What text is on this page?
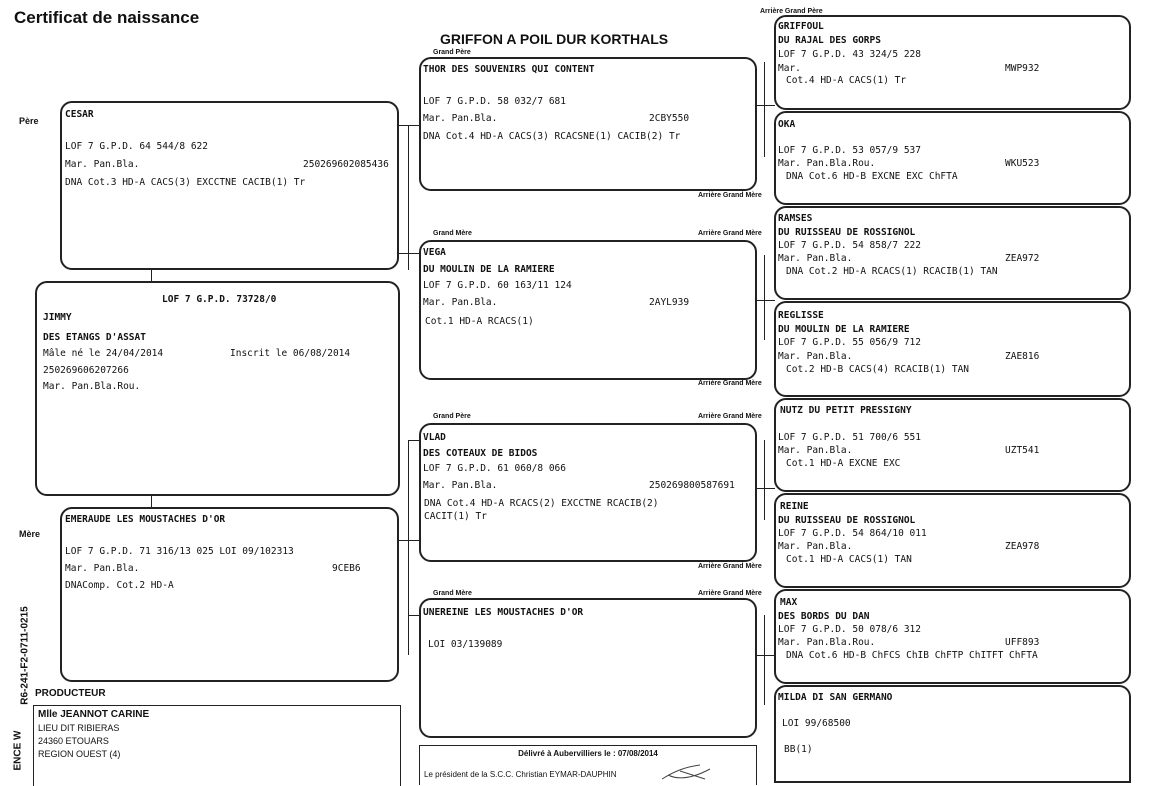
Certificat de naissance
GRIFFON A POIL DUR KORTHALS
Père
Mère
R6-241-F2-0711-0215
ENCE W
CESAR
LOF 7 G.P.D. 64 544/8 622
Mar. Pan.Bla.	250269602085436
DNA Cot.3 HD-A CACS(3) EXCCTNE CACIB(1) Tr
LOF 7 G.P.D. 73728/0
JIMMY
DES ETANGS D'ASSAT
Mâle né le 24/04/2014	Inscrit le 06/08/2014
250269606207266
Mar. Pan.Bla.Rou.
EMERAUDE LES MOUSTACHES D'OR
LOF 7 G.P.D. 71 316/13 025 LOI 09/102313
Mar. Pan.Bla.	9CEB6
DNAComp. Cot.2 HD-A
PRODUCTEUR
Mlle JEANNOT CARINE
LIEU DIT RIBIERAS
24360 ETOUARS
REGION OUEST (4)
Grand Père
Arrière Grand Mère
Grand Mère	Arrière Grand Mère
Arrière Grand Mère
Grand Père	Arrière Grand Mère
Arrière Grand Mère
Grand Mère	Arrière Grand Mère
Arrière Grand Père
THOR DES SOUVENIRS QUI CONTENT
LOF 7 G.P.D. 58 032/7 681
Mar. Pan.Bla.	2CBY550
DNA Cot.4 HD-A CACS(3) RCACSNE(1) CACIB(2) Tr
VEGA
DU MOULIN DE LA RAMIERE
LOF 7 G.P.D. 60 163/11 124
Mar. Pan.Bla.	2AYL939
Cot.1 HD-A RCACS(1)
VLAD
DES COTEAUX DE BIDOS
LOF 7 G.P.D. 61 060/8 066
Mar. Pan.Bla.	250269800587691
DNA Cot.4 HD-A RCACS(2) EXCCTNE RCACIB(2)
CACIT(1) Tr
UNEREINE LES MOUSTACHES D'OR
LOI 03/139089
Délivré à Aubervilliers le : 07/08/2014
Le président de la S.C.C. Christian EYMAR-DAUPHIN
GRIFFOUL
DU RAJAL DES GORPS
LOF 7 G.P.D. 43 324/5 228
Mar.	MWP932
Cot.4 HD-A CACS(1) Tr
OKA
LOF 7 G.P.D. 53 057/9 537
Mar. Pan.Bla.Rou.	WKU523
DNA Cot.6 HD-B EXCNE EXC ChFTA
RAMSES
DU RUISSEAU DE ROSSIGNOL
LOF 7 G.P.D. 54 858/7 222
Mar. Pan.Bla.	ZEA972
DNA Cot.2 HD-A RCACS(1) RCACIB(1) TAN
REGLISSE
DU MOULIN DE LA RAMIERE
LOF 7 G.P.D. 55 056/9 712
Mar. Pan.Bla.	ZAE816
Cot.2 HD-B CACS(4) RCACIB(1) TAN
NUTZ DU PETIT PRESSIGNY
LOF 7 G.P.D. 51 700/6 551
Mar. Pan.Bla.	UZT541
Cot.1 HD-A EXCNE EXC
REINE
DU RUISSEAU DE ROSSIGNOL
LOF 7 G.P.D. 54 864/10 011
Mar. Pan.Bla.	ZEA978
Cot.1 HD-A CACS(1) TAN
MAX
DES BORDS DU DAN
LOF 7 G.P.D. 50 078/6 312
Mar. Pan.Bla.Rou.	UFF893
DNA Cot.6 HD-B ChFCS ChIB ChFTP ChITFT ChFTA
MILDA DI SAN GERMANO
LOI 99/68500
BB(1)
